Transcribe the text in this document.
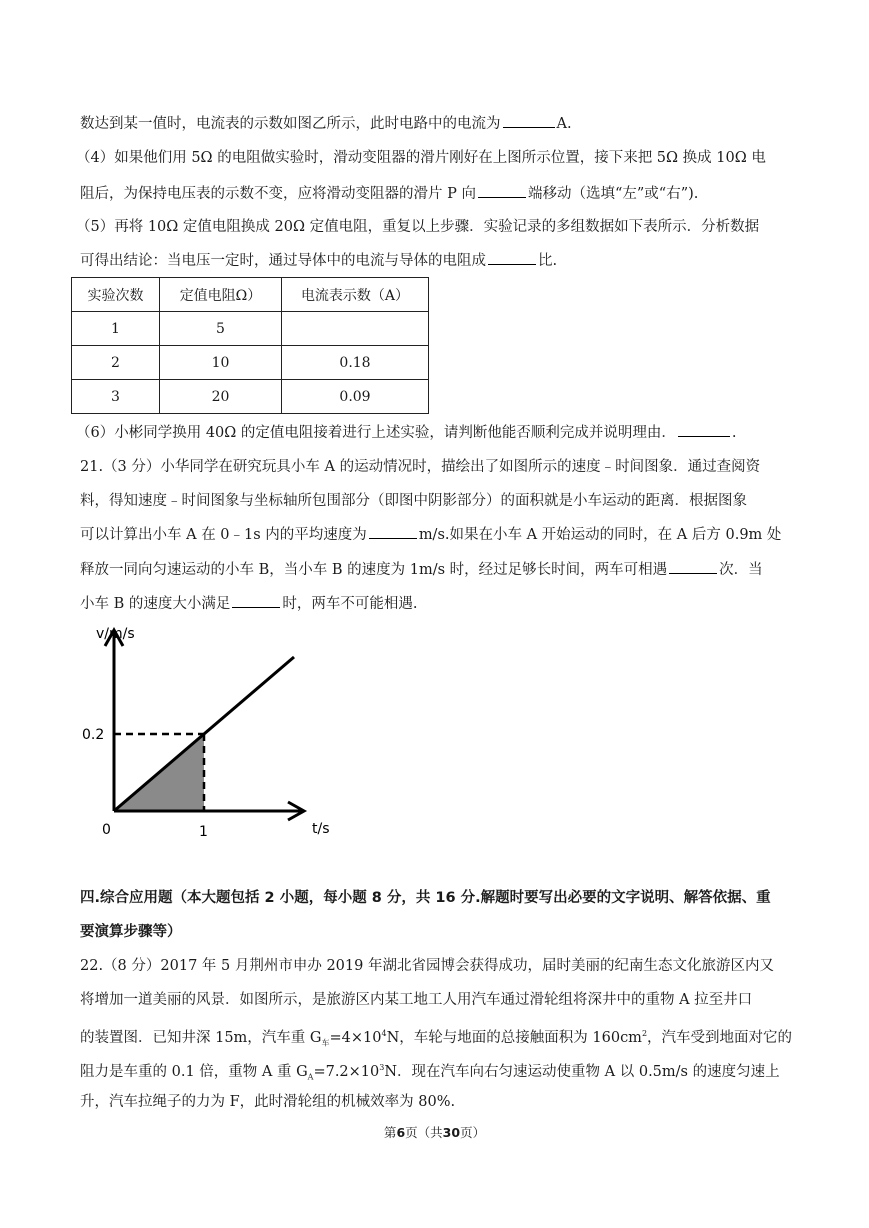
数达到某一值时，电流表的示数如图乙所示，此时电路中的电流为	A.
（4）如果他们用 5Ω 的电阻做实验时，滑动变阻器的滑片刚好在上图所示位置，接下来把 5Ω 换成 10Ω 电
阻后，为保持电压表的示数不变，应将滑动变阻器的滑片 P 向	端移动（选填“左”或“右”).
（5）再将 10Ω 定值电阻换成 20Ω 定值电阻，重复以上步骤．实验记录的多组数据如下表所示．分析数据
可得出结论：当电压一定时，通过导体中的电流与导体的电阻成	比.
实验次数	定值电阻Ω）	电流表示数（A）
1	5	
2	10	0.18
3	20	0.09
（6）小彬同学换用 40Ω 的定值电阻接着进行上述实验，请判断他能否顺利完成并说明理由．	.
21.（3 分）小华同学在研究玩具小车 A 的运动情况时，描绘出了如图所示的速度﹣时间图象．通过查阅资
料，得知速度﹣时间图象与坐标轴所包围部分（即图中阴影部分）的面积就是小车运动的距离．根据图象
可以计算出小车 A 在 0﹣1s 内的平均速度为	m/s.如果在小车 A 开始运动的同时，在 A 后方 0.9m 处
释放一同向匀速运动的小车 B，当小车 B 的速度为 1m/s 时，经过足够长时间，两车可相遇	次．当
小车 B 的速度大小满足	时，两车不可能相遇.
v/m/s
t/s
0	1
0.2
四.综合应用题（本大题包括 2 小题，每小题 8 分，共 16 分.解题时要写出必要的文字说明、解答依据、重
要演算步骤等）
22.（8 分）2017 年 5 月荆州市申办 2019 年湖北省园博会获得成功，届时美丽的纪南生态文化旅游区内又
将增加一道美丽的风景．如图所示，是旅游区内某工地工人用汽车通过滑轮组将深井中的重物 A 拉至井口
的装置图．已知井深 15m，汽车重 $G_车=4\times 10^4N$，车轮与地面的总接触面积为 $160cm^2$，汽车受到地面对它的
阻力是车重的 0.1 倍，重物 A 重 $G_A=7.2\times 10^3N$．现在汽车向右匀速运动使重物 A 以 0.5m/s 的速度匀速上
升，汽车拉绳子的力为 F，此时滑轮组的机械效率为 80%.
第6页（共30页）
